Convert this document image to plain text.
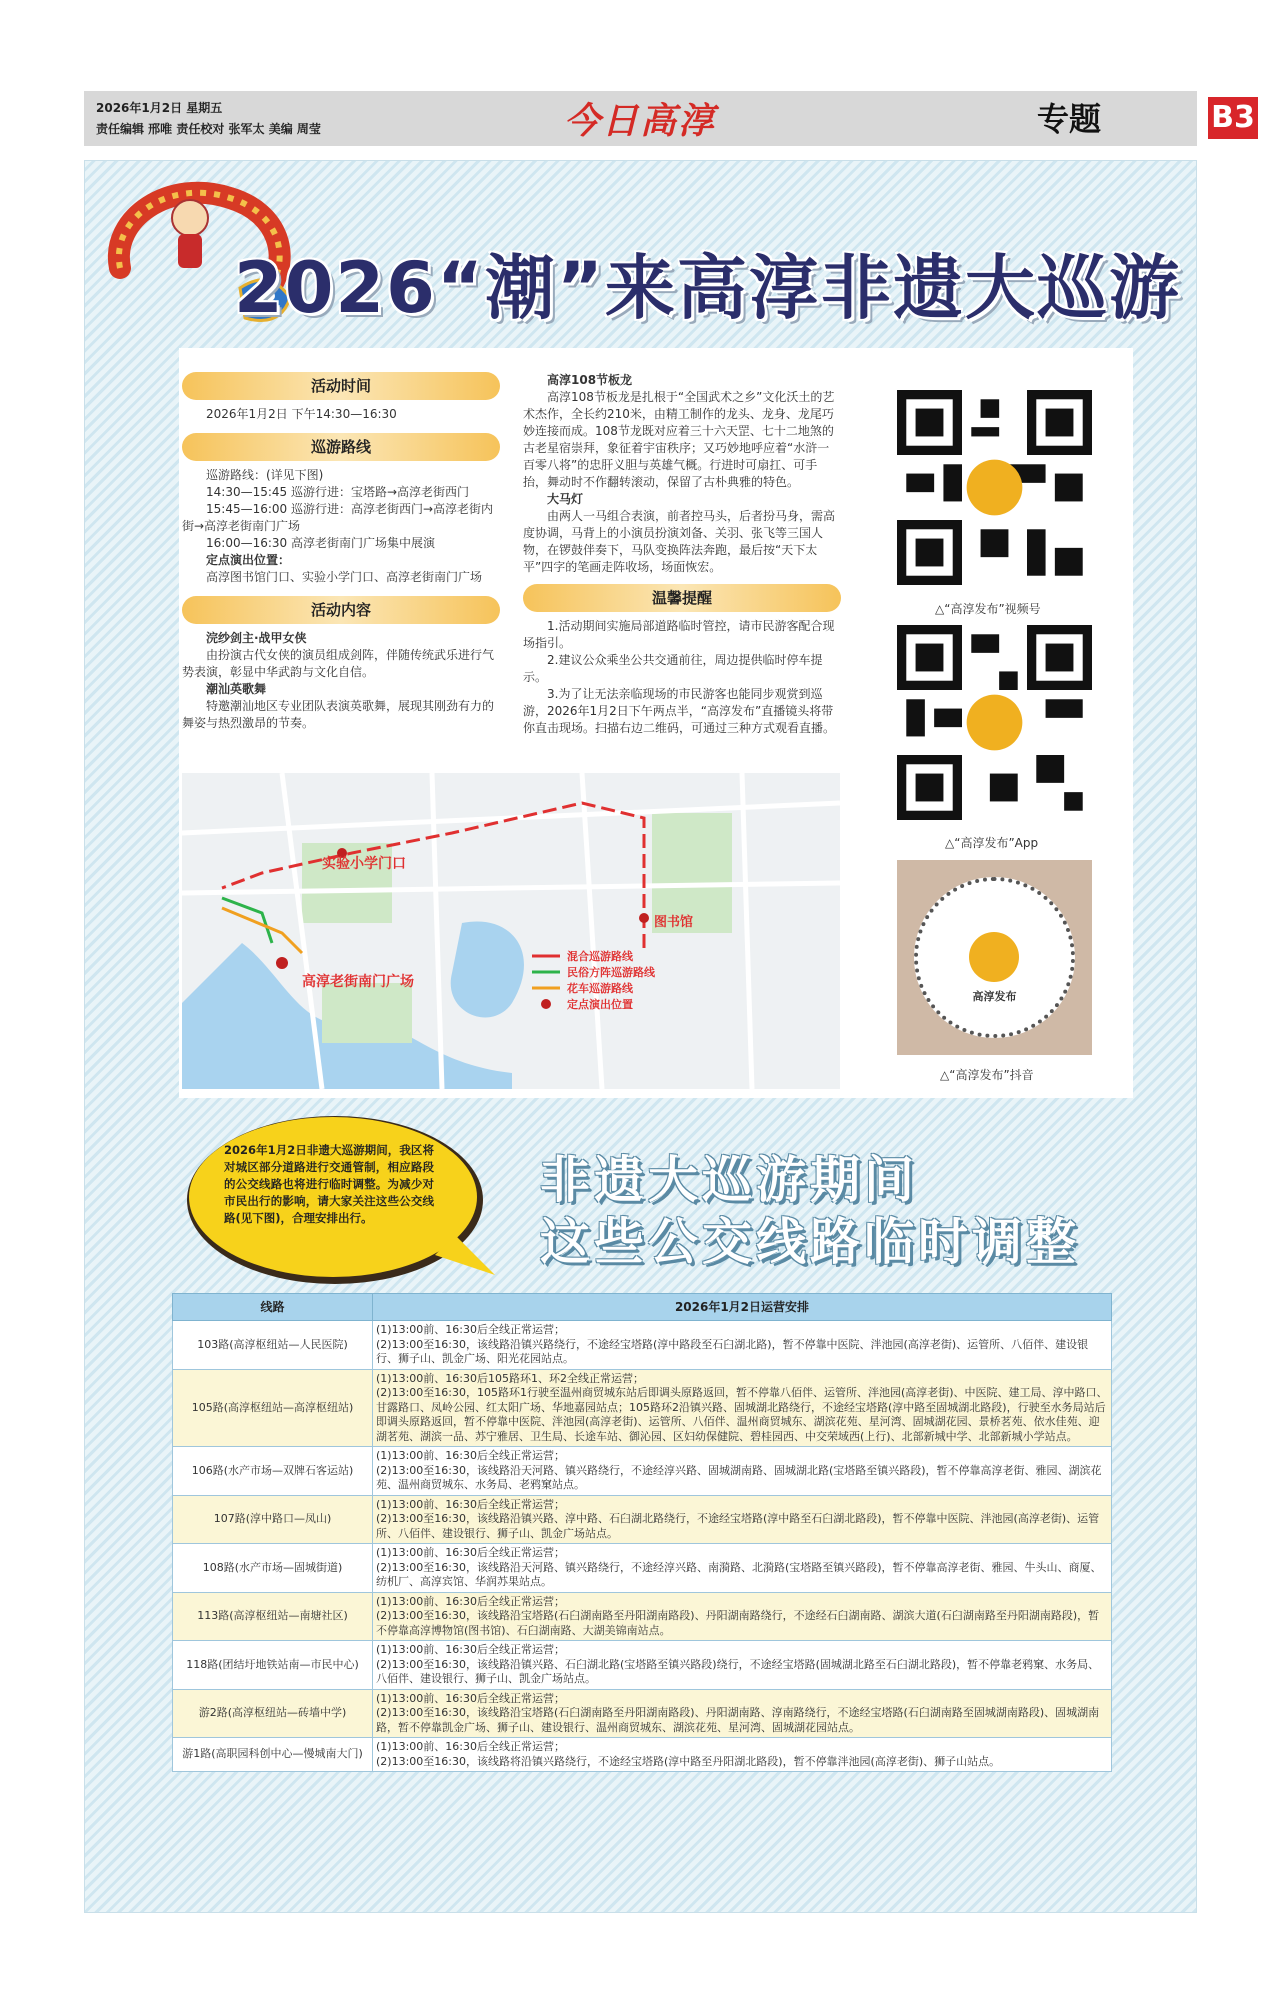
2026年1月2日 星期五
责任编辑 邢唯 责任校对 张军太 美编 周莹	今日高淳	专题	B3
2026“潮”来高淳非遗大巡游
活动时间

2026年1月2日 下午14:30—16:30

巡游路线

巡游路线：(详见下图)

14:30—15:45 巡游行进：宝塔路→高淳老街西门

15:45—16:00 巡游行进：高淳老街西门→高淳老街内街→高淳老街南门广场

16:00—16:30 高淳老街南门广场集中展演

定点演出位置：

高淳图书馆门口、实验小学门口、高淳老街南门广场

活动内容

浣纱剑主·战甲女侠

由扮演古代女侠的演员组成剑阵，伴随传统武乐进行气势表演，彰显中华武韵与文化自信。

潮汕英歌舞

特邀潮汕地区专业团队表演英歌舞，展现其刚劲有力的舞姿与热烈激昂的节奏。

高淳108节板龙

高淳108节板龙是扎根于“全国武术之乡”文化沃土的艺术杰作，全长约210米，由精工制作的龙头、龙身、龙尾巧妙连接而成。108节龙既对应着三十六天罡、七十二地煞的古老星宿崇拜，象征着宇宙秩序；又巧妙地呼应着“水浒一百零八将”的忠肝义胆与英雄气概。行进时可扇扛、可手抬，舞动时不作翻转滚动，保留了古朴典雅的特色。

大马灯

由两人一马组合表演，前者控马头，后者扮马身，需高度协调，马背上的小演员扮演刘备、关羽、张飞等三国人物，在锣鼓伴奏下，马队变换阵法奔跑，最后按“天下太平”四字的笔画走阵收场，场面恢宏。

温馨提醒

1.活动期间实施局部道路临时管控，请市民游客配合现场指引。

2.建议公众乘坐公共交通前往，周边提供临时停车提示。

3.为了让无法亲临现场的市民游客也能同步观赏到巡游，2026年1月2日下午两点半，“高淳发布”直播镜头将带你直击现场。扫描右边二维码，可通过三种方式观看直播。

实验小学门口
高淳老街南门广场
图书馆
混合巡游路线
民俗方阵巡游路线
花车巡游路线
定点演出位置
△“高淳发布”视频号
△“高淳发布”App
高淳发布
△“高淳发布”抖音
2026年1月2日非遗大巡游期间，我区将对城区部分道路进行交通管制，相应路段的公交线路也将进行临时调整。为减少对市民出行的影响，请大家关注这些公交线路(见下图)，合理安排出行。
非遗大巡游期间
这些公交线路临时调整
线路	2026年1月2日运营安排
103路(高淳枢纽站—人民医院)	(1)13:00前、16:30后全线正常运营；
(2)13:00至16:30，该线路沿镇兴路绕行，不途经宝塔路(淳中路段至石臼湖北路)，暂不停靠中医院、泮池园(高淳老街)、运管所、八佰伴、建设银行、狮子山、凯金广场、阳光花园站点。
105路(高淳枢纽站—高淳枢纽站)	(1)13:00前、16:30后105路环1、环2全线正常运营；
(2)13:00至16:30，105路环1行驶至温州商贸城东站后即调头原路返回，暂不停靠八佰伴、运管所、泮池园(高淳老街)、中医院、建工局、淳中路口、甘露路口、凤岭公园、红太阳广场、华地嘉园站点；105路环2沿镇兴路、固城湖北路绕行，不途经宝塔路(淳中路至固城湖北路段)，行驶至水务局站后即调头原路返回，暂不停靠中医院、泮池园(高淳老街)、运管所、八佰伴、温州商贸城东、湖滨花苑、星河湾、固城湖花园、景桥茗苑、依水佳苑、迎湖茗苑、湖滨一品、苏宁雅居、卫生局、长途车站、御沁园、区妇幼保健院、碧桂园西、中交荣域西(上行)、北部新城中学、北部新城小学站点。
106路(水产市场—双牌石客运站)	(1)13:00前、16:30后全线正常运营；
(2)13:00至16:30，该线路沿天河路、镇兴路绕行，不途经淳兴路、固城湖南路、固城湖北路(宝塔路至镇兴路段)，暂不停靠高淳老街、雅园、湖滨花苑、温州商贸城东、水务局、老鸦窠站点。
107路(淳中路口—凤山)	(1)13:00前、16:30后全线正常运营；
(2)13:00至16:30，该线路沿镇兴路、淳中路、石臼湖北路绕行，不途经宝塔路(淳中路至石臼湖北路段)，暂不停靠中医院、泮池园(高淳老街)、运管所、八佰伴、建设银行、狮子山、凯金广场站点。
108路(水产市场—固城街道)	(1)13:00前、16:30后全线正常运营；
(2)13:00至16:30，该线路沿天河路、镇兴路绕行，不途经淳兴路、南漪路、北漪路(宝塔路至镇兴路段)，暂不停靠高淳老街、雅园、牛头山、商厦、纺机厂、高淳宾馆、华润苏果站点。
113路(高淳枢纽站—南塘社区)	(1)13:00前、16:30后全线正常运营；
(2)13:00至16:30，该线路沿宝塔路(石臼湖南路至丹阳湖南路段)、丹阳湖南路绕行，不途经石臼湖南路、湖滨大道(石臼湖南路至丹阳湖南路段)，暂不停靠高淳博物馆(图书馆)、石臼湖南路、大湖美锦南站点。
118路(团结圩地铁站南—市民中心)	(1)13:00前、16:30后全线正常运营；
(2)13:00至16:30，该线路沿镇兴路、石臼湖北路(宝塔路至镇兴路段)绕行，不途经宝塔路(固城湖北路至石臼湖北路段)，暂不停靠老鸦窠、水务局、八佰伴、建设银行、狮子山、凯金广场站点。
游2路(高淳枢纽站—砖墙中学)	(1)13:00前、16:30后全线正常运营；
(2)13:00至16:30，该线路沿宝塔路(石臼湖南路至丹阳湖南路段)、丹阳湖南路、淳南路绕行，不途经宝塔路(石臼湖南路至固城湖南路段)、固城湖南路，暂不停靠凯金广场、狮子山、建设银行、温州商贸城东、湖滨花苑、星河湾、固城湖花园站点。
游1路(高职园科创中心—慢城南大门)	(1)13:00前、16:30后全线正常运营；
(2)13:00至16:30，该线路将沿镇兴路绕行，不途经宝塔路(淳中路至丹阳湖北路段)，暂不停靠泮池园(高淳老街)、狮子山站点。
